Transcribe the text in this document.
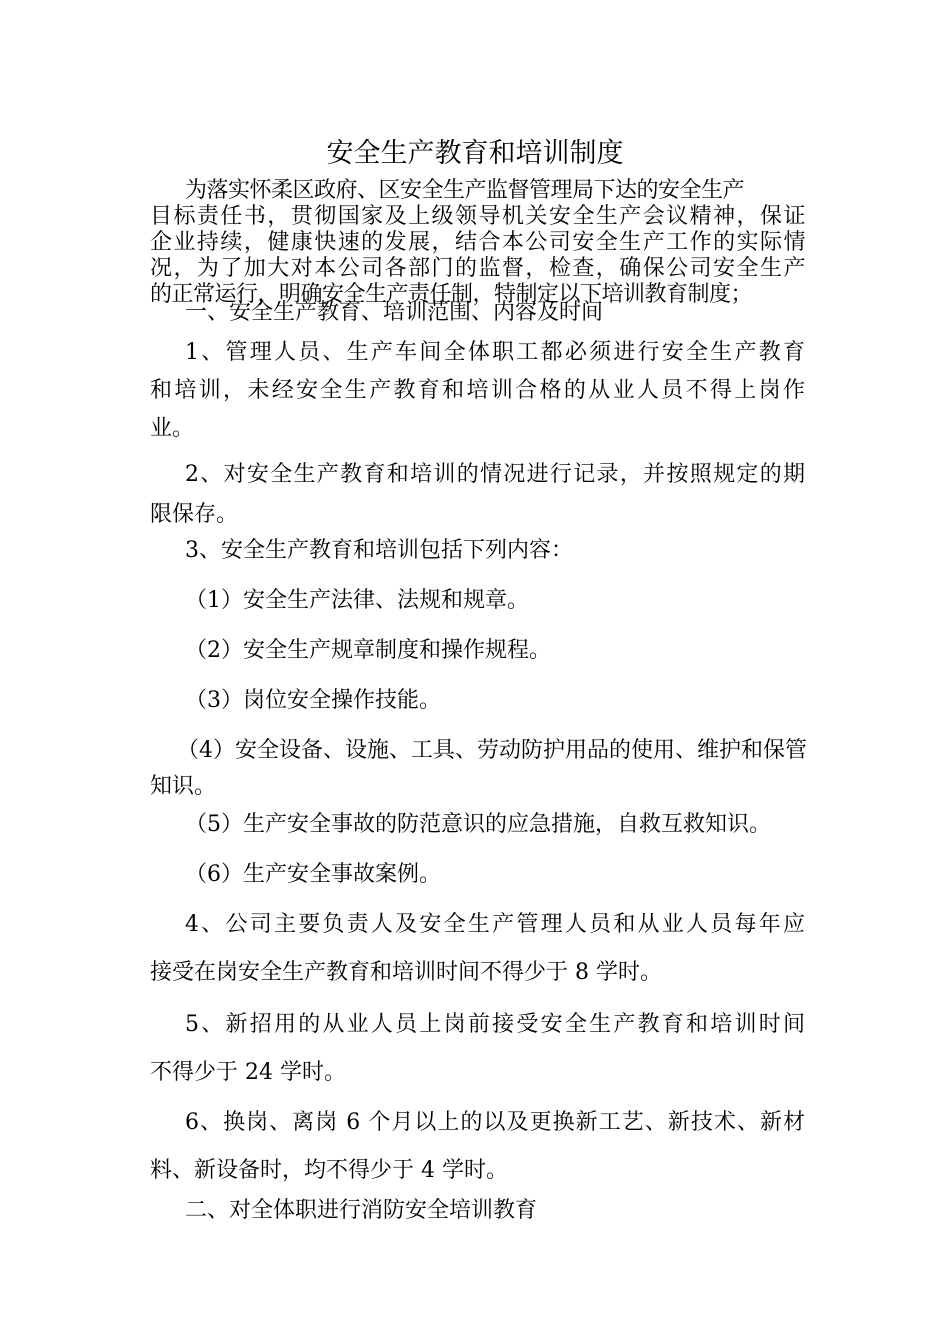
安全生产教育和培训制度
为落实怀柔区政府、区安全生产监督管理局下达的安全生产
目标责任书，贯彻国家及上级领导机关安全生产会议精神，保证
企业持续，健康快速的发展，结合本公司安全生产工作的实际情
况，为了加大对本公司各部门的监督，检查，确保公司安全生产
的正常运行，明确安全生产责任制，特制定以下培训教育制度；
一、安全生产教育、培训范围、内容及时间
1、管理人员、生产车间全体职工都必须进行安全生产教育
和培训，未经安全生产教育和培训合格的从业人员不得上岗作
业。
2、对安全生产教育和培训的情况进行记录，并按照规定的期
限保存。
3、安全生产教育和培训包括下列内容：
（1）安全生产法律、法规和规章。
（2）安全生产规章制度和操作规程。
（3）岗位安全操作技能。
（4）安全设备、设施、工具、劳动防护用品的使用、维护和保管
知识。
（5）生产安全事故的防范意识的应急措施，自救互救知识。
（6）生产安全事故案例。
4、公司主要负责人及安全生产管理人员和从业人员每年应
接受在岗安全生产教育和培训时间不得少于 8 学时。
5、新招用的从业人员上岗前接受安全生产教育和培训时间
不得少于 24 学时。
6、换岗、离岗 6 个月以上的以及更换新工艺、新技术、新材
料、新设备时，均不得少于 4 学时。
二、对全体职进行消防安全培训教育
